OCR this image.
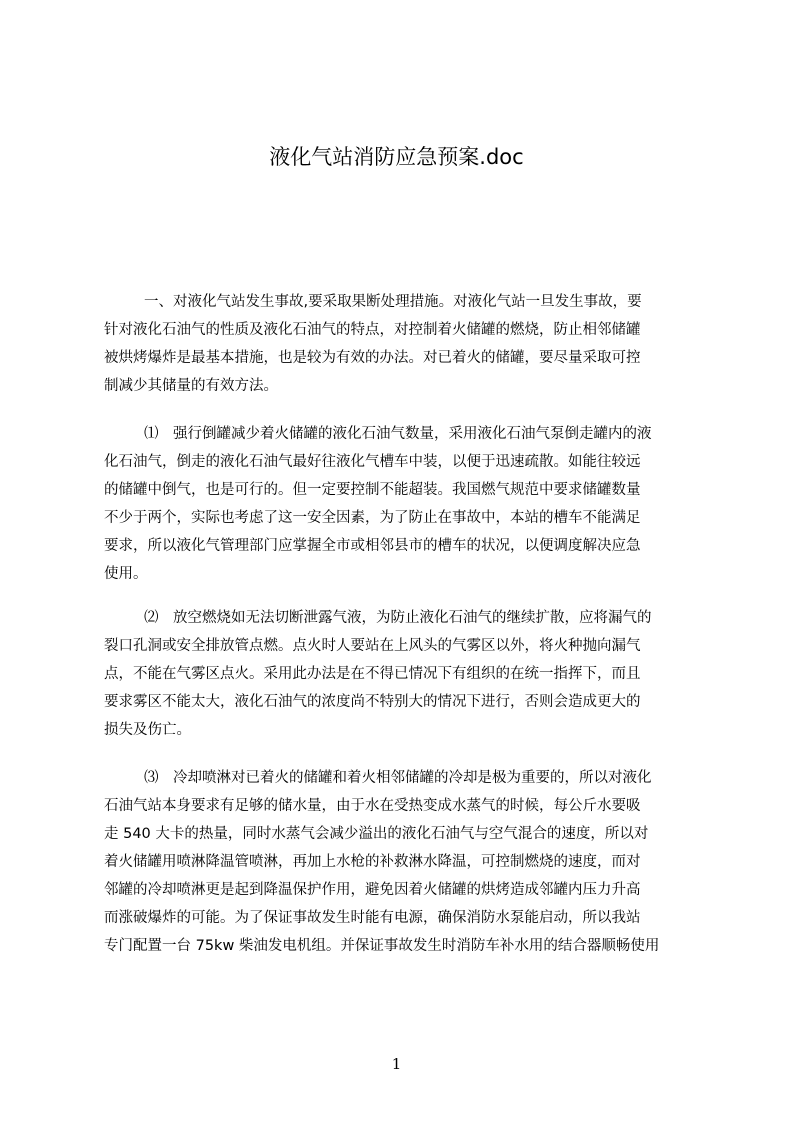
液化气站消防应急预案.doc
一、对液化气站发生事故,要采取果断处理措施。对液化气站一旦发生事故，要
针对液化石油气的性质及液化石油气的特点，对控制着火储罐的燃烧，防止相邻储罐
被烘烤爆炸是最基本措施，也是较为有效的办法。对已着火的储罐，要尽量采取可控
制减少其储量的有效方法。
⑴　强行倒罐减少着火储罐的液化石油气数量，采用液化石油气泵倒走罐内的液
化石油气，倒走的液化石油气最好往液化气槽车中装，以便于迅速疏散。如能往较远
的储罐中倒气，也是可行的。但一定要控制不能超装。我国燃气规范中要求储罐数量
不少于两个，实际也考虑了这一安全因素，为了防止在事故中，本站的槽车不能满足
要求，所以液化气管理部门应掌握全市或相邻县市的槽车的状况，以便调度解决应急
使用。
⑵　放空燃烧如无法切断泄露气液，为防止液化石油气的继续扩散，应将漏气的
裂口孔洞或安全排放管点燃。点火时人要站在上风头的气雾区以外，将火种抛向漏气
点，不能在气雾区点火。采用此办法是在不得已情况下有组织的在统一指挥下，而且
要求雾区不能太大，液化石油气的浓度尚不特别大的情况下进行，否则会造成更大的
损失及伤亡。
⑶　冷却喷淋对已着火的储罐和着火相邻储罐的冷却是极为重要的，所以对液化
石油气站本身要求有足够的储水量，由于水在受热变成水蒸气的时候，每公斤水要吸
走 540 大卡的热量，同时水蒸气会减少溢出的液化石油气与空气混合的速度，所以对
着火储罐用喷淋降温管喷淋，再加上水枪的补救淋水降温，可控制燃烧的速度，而对
邻罐的冷却喷淋更是起到降温保护作用，避免因着火储罐的烘烤造成邻罐内压力升高
而涨破爆炸的可能。为了保证事故发生时能有电源，确保消防水泵能启动，所以我站
专门配置一台 75kw 柴油发电机组。并保证事故发生时消防车补水用的结合器顺畅使用
1
